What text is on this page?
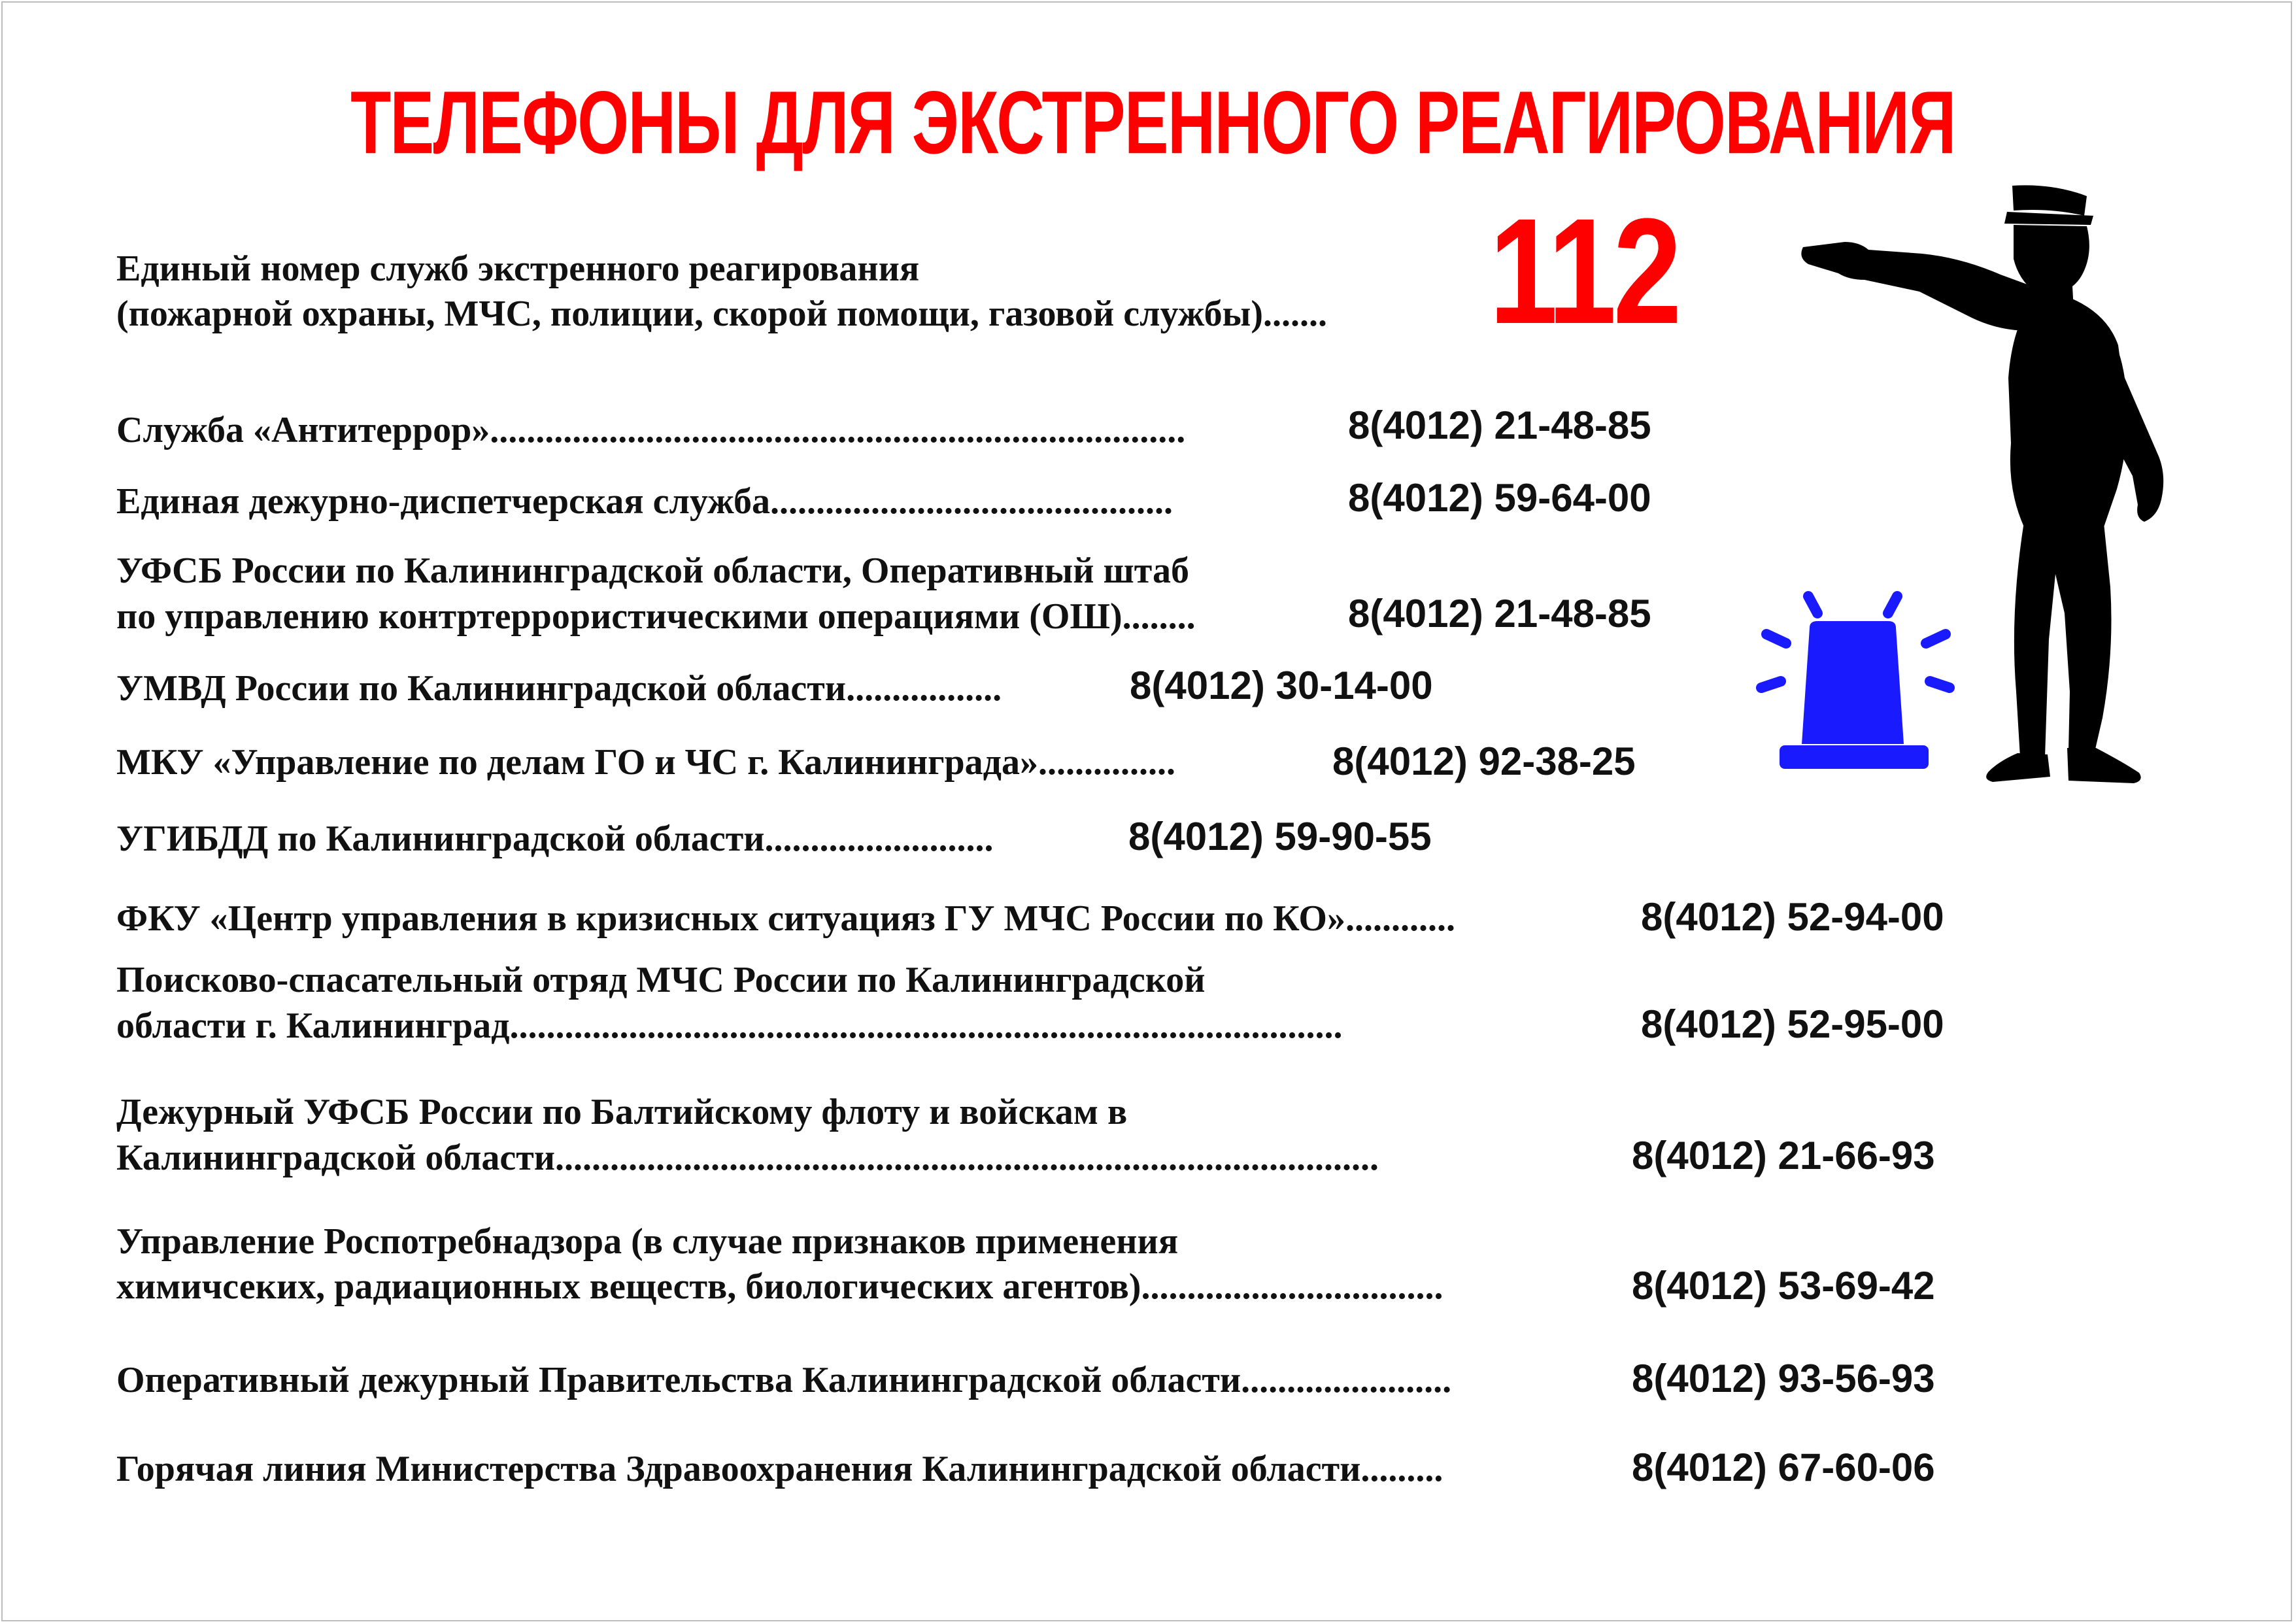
ТЕЛЕФОНЫ ДЛЯ ЭКСТРЕННОГО РЕАГИРОВАНИЯ
Единый номер служб экстренного реагирования
(пожарной охраны, МЧС, полиции, скорой помощи, газовой службы)....... 112
Служба «Антитеррор»............................................................................	8(4012) 21-48-85
Единая дежурно-диспетчерская служба............................................	8(4012) 59-64-00
УФСБ России по Калининградской области, Оперативный штаб
по управлению контртеррористическими операциями (ОШ)........	8(4012) 21-48-85
УМВД России по Калининградской области.................	8(4012) 30-14-00
МКУ «Управление по делам ГО и ЧС г. Калининграда»...............	8(4012) 92-38-25
УГИБДД по Калининградской области.........................	8(4012) 59-90-55
ФКУ «Центр управления в кризисных ситуацияз ГУ МЧС России по КО»............	8(4012) 52-94-00
Поисково-спасательный отряд МЧС России по Калининградской
области г. Калининград...........................................................................................	8(4012) 52-95-00
Дежурный УФСБ России по Балтийскому флоту и войскам в
Калининградской области..........................................................................................	8(4012) 21-66-93
Управление Роспотребнадзора (в случае признаков применения
химичсеких, радиационных веществ, биологических агентов).................................	8(4012) 53-69-42
Оперативный дежурный Правительства Калининградской области.......................	8(4012) 93-56-93
Горячая линия Министерства Здравоохранения Калининградской области.........	8(4012) 67-60-06
